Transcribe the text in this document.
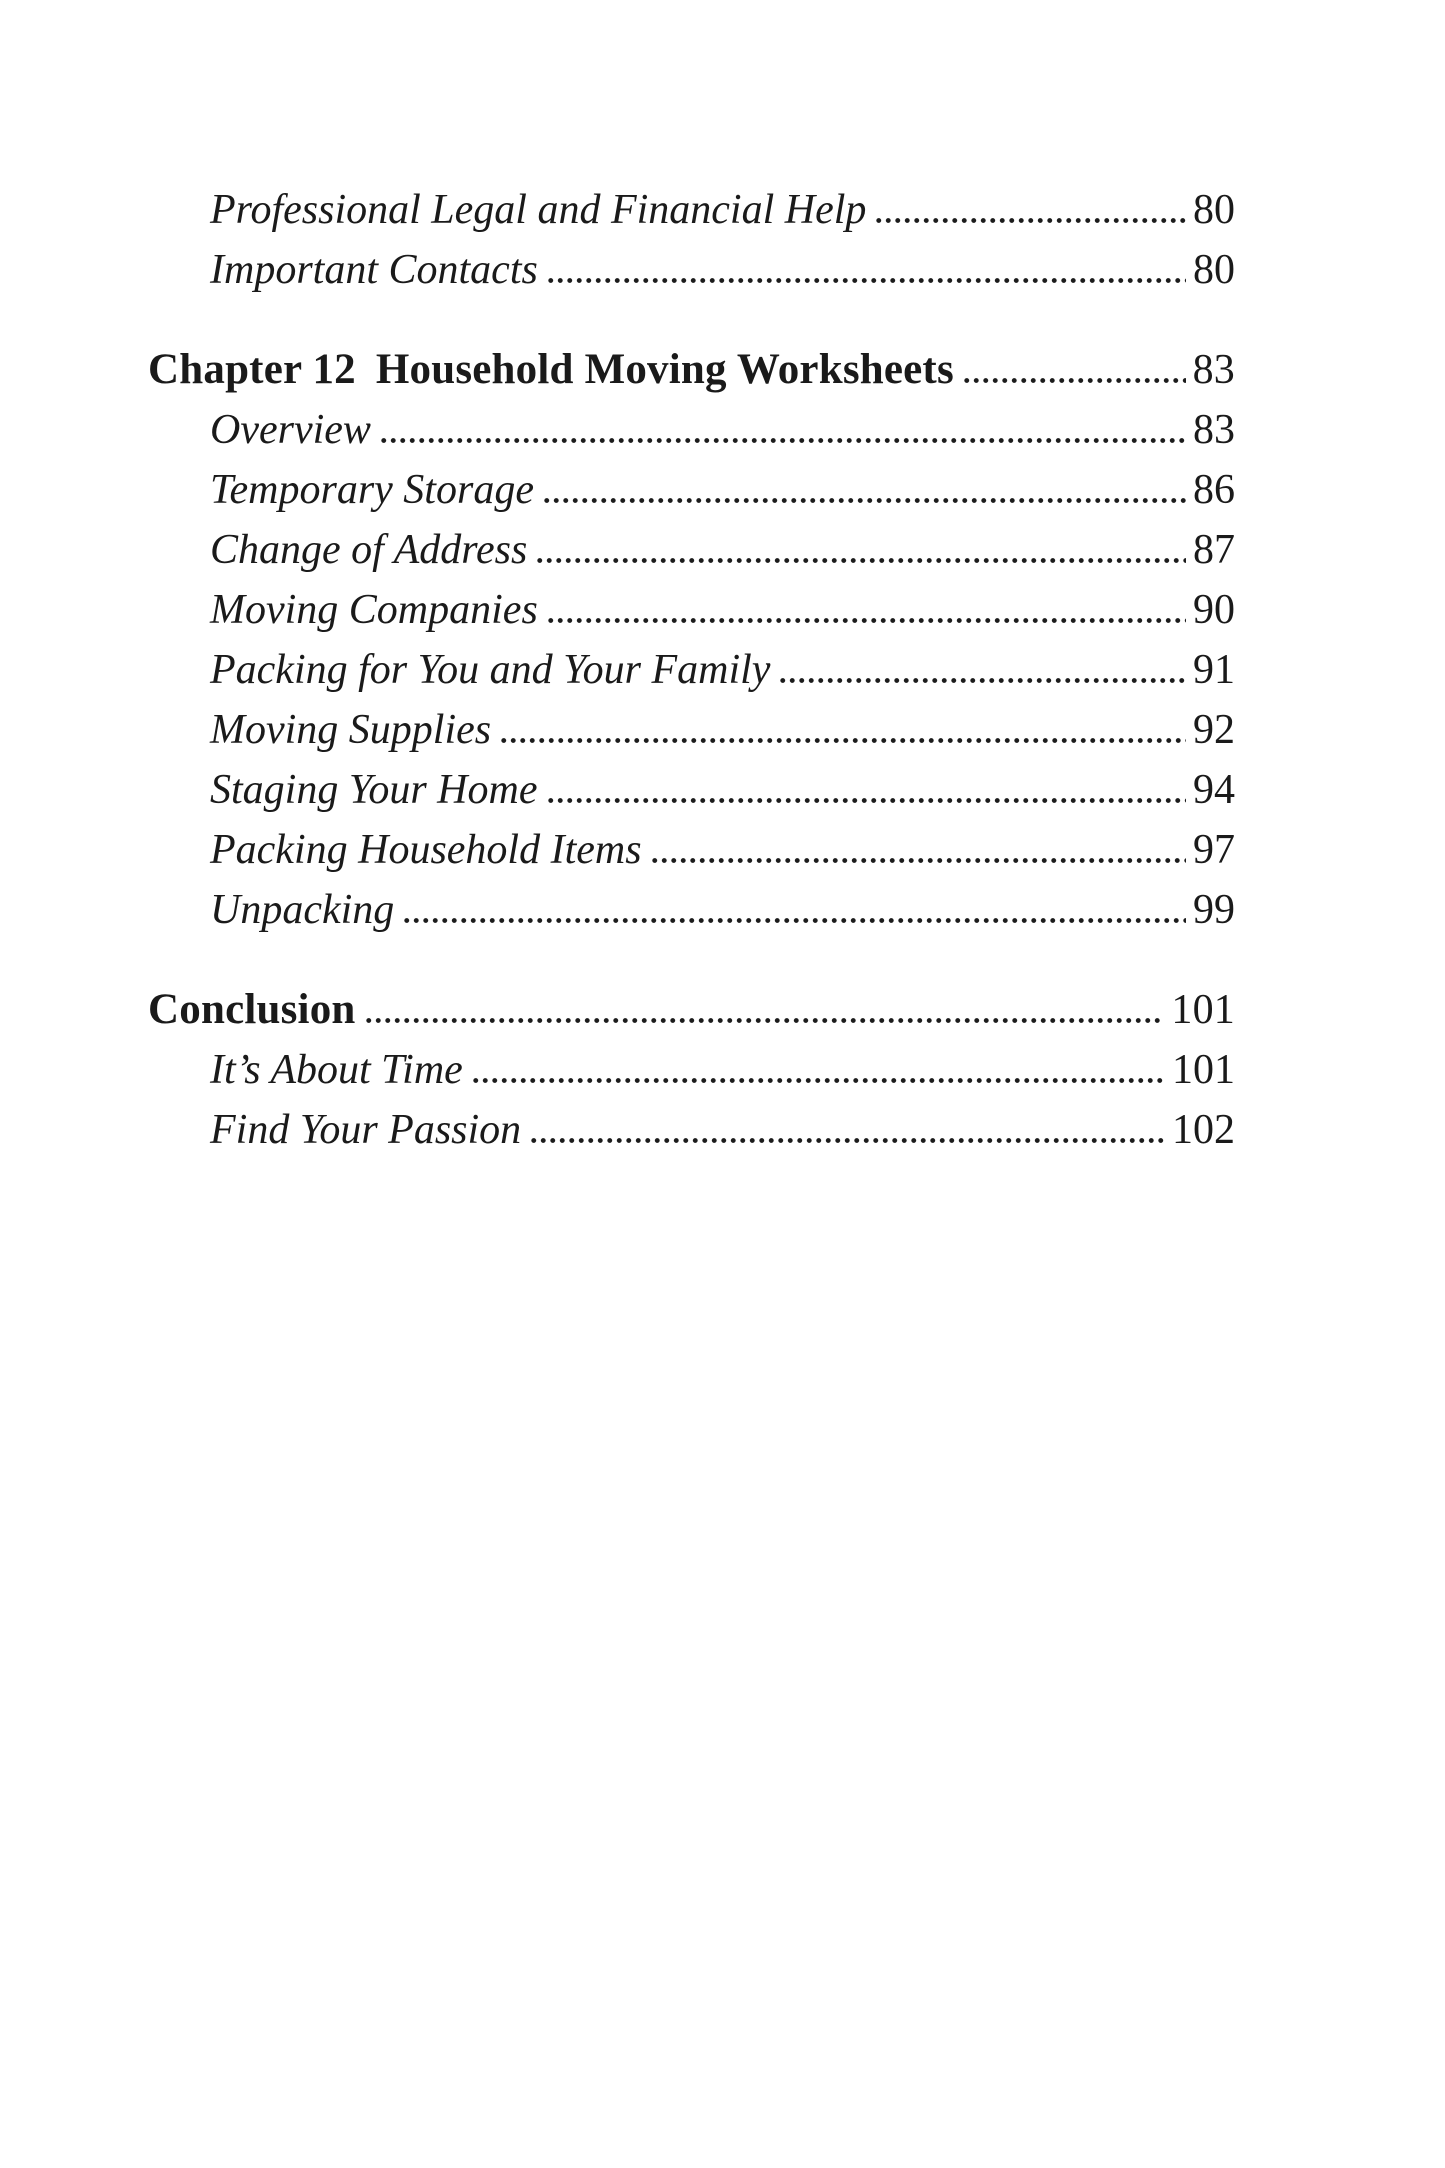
Professional Legal and Financial Help	80
Important Contacts	80
Chapter 12 Household Moving Worksheets	83
Overview	83
Temporary Storage	86
Change of Address	87
Moving Companies	90
Packing for You and Your Family	91
Moving Supplies	92
Staging Your Home	94
Packing Household Items	97
Unpacking	99
Conclusion	101
It’s About Time	101
Find Your Passion	102
